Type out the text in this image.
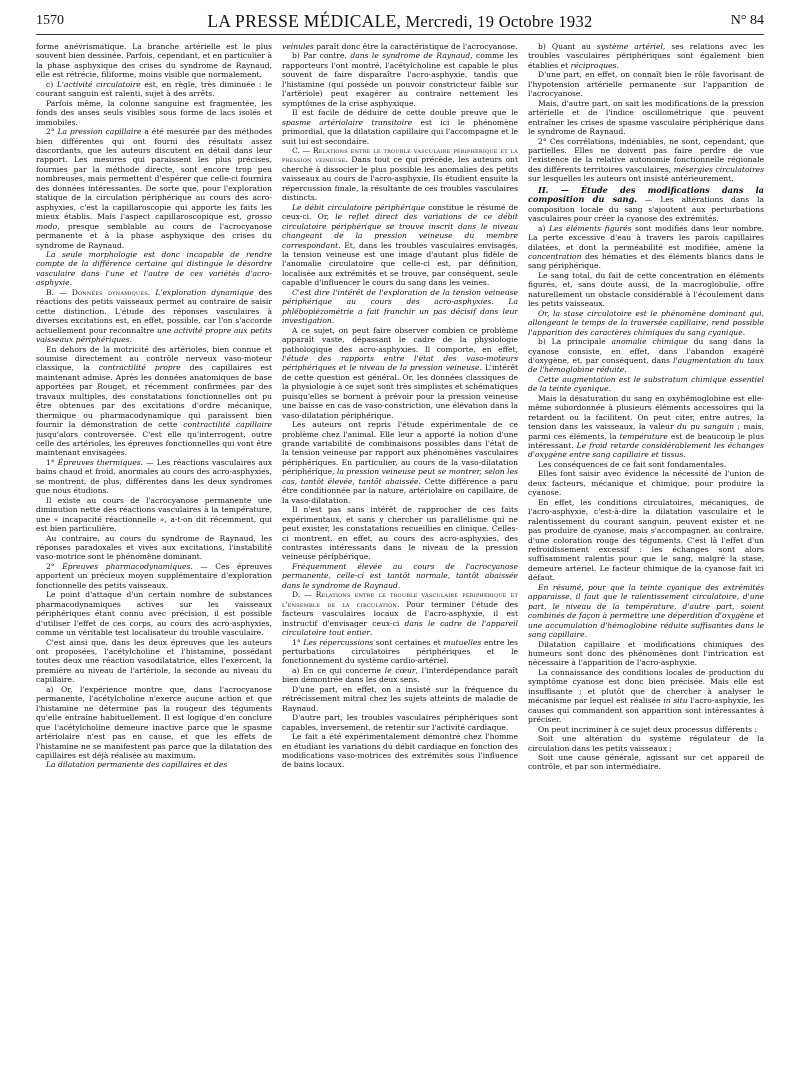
1570	LA PRESSE MÉDICALE, Mercredi, 19 Octobre 1932	N° 84

forme anévrismatique. La branche artérielle est le plus souvent bien dessinée. Parfois, cependant, et en particulier à la phase asphyxique des crises du syndrome de Raynaud, elle est rétrécie, filiforme, moins visible que normalement.

c) L'activité circulatoire est, en règle, très diminuée : le courant sanguin est ralenti, sujet à des arrêts.

Parfois même, la colonne sanguine est fragmentée, les fonds des anses seuls visibles sous forme de lacs isolés et immobiles.

2° La pression capillaire a été mesurée par des méthodes bien différentes qui ont fourni des résultats assez discordants, que les auteurs discutent en détail dans leur rapport. Les mesures qui paraissent les plus précises, fournies par la méthode directe, sont encore trop peu nombreuses, mais permettent d'espérer que celle-ci fournira des données intéressantes. De sorte que, pour l'exploration statique de la circulation périphérique au cours des acro-asphyxies, c'est la capillaroscopie qui apporte les faits les mieux établis. Mais l'aspect capillaroscopique est, grosso modo, presque semblable au cours de l'acrocyanose permanente et à la phase asphyxique des crises du syndrome de Raynaud.

La seule morphologie est donc incapable de rendre compte de la différence certaine qui distingue le désordre vasculaire dans l'une et l'autre de ces variétés d'acro-asphyxie.

B. — Données dynamiques. L'exploration dynamique des réactions des petits vaisseaux permet au contraire de saisir cette distinction. L'étude des réponses vasculaires à diverses excitations est, en effet, possible, car l'on s'accorde actuellement pour reconnaître une activité propre aux petits vaisseaux périphériques.

En dehors de la motricité des artérioles, bien connue et soumise directement au contrôle nerveux vaso-moteur classique, la contractilité propre des capillaires est maintenant admise. Après les données anatomiques de base apportées par Rouget, et récemment confirmées par des travaux multiples, des constatations fonctionnelles ont pu être obtenues par des excitations d'ordre mécanique, thermique ou pharmacodynamique qui paraissent bien fournir la démonstration de cette contractilité capillaire jusqu'alors controversée. C'est elle qu'interrogent, outre celle des artérioles, les épreuves fonctionnelles qui vont être maintenant envisagées.

1° Épreuves thermiques. — Les réactions vasculaires aux bains chaud et froid, anormales au cours des acro-asphyxies, se montrent, de plus, différentes dans les deux syndromes que nous étudions.

Il existe au cours de l'acrocyanose permanente une diminution nette des réactions vasculaires à la température, une « incapacité réactionnelle », a-t-on dit récemment, qui est bien particulière.

Au contraire, au cours du syndrome de Raynaud, les réponses paradoxales et vives aux excitations, l'instabilité vaso-motrice sont le phénomène dominant.

2° Épreuves pharmacodynamiques. — Ces épreuves apportent un précieux moyen supplémentaire d'exploration fonctionnelle des petits vaisseaux.

Le point d'attaque d'un certain nombre de substances pharmacodynamiques actives sur les vaisseaux périphériques étant connu avec précision, il est possible d'utiliser l'effet de ces corps, au cours des acro-asphyxies, comme un véritable test localisateur du trouble vasculaire.

C'est ainsi que, dans les deux épreuves que les auteurs ont proposées, l'acétylcholine et l'histamine, possédant toutes deux une réaction vasodilatatrice, elles l'exercent, la première au niveau de l'artériole, la seconde au niveau du capillaire.

a) Or, l'expérience montre que, dans l'acrocyanose permanente, l'acétylcholine n'exerce aucune action et que l'histamine ne détermine pas la rougeur des téguments qu'elle entraîne habituellement. Il est logique d'en conclure que l'acétylcholine demeure inactive parce que le spasme artériolaire n'est pas en cause, et que les effets de l'histamine ne se manifestent pas parce que la dilatation des capillaires est déjà réalisée au maximum.

La dilatation permanente des capillaires et des

veinules paraît donc être la caractéristique de l'acrocyanose.

b) Par contre, dans le syndrome de Raynaud, comme les rapporteurs l'ont montré, l'acétylcholine est capable le plus souvent de faire disparaître l'acro-asphyxie, tandis que l'histamine (qui possède un pouvoir constricteur faible sur l'artériole) peut exagérer au contraire nettement les symptômes de la crise asphyxique.

Il est facile de déduire de cette double preuve que le spasme artériolaire transitoire est ici le phénomène primordial, que la dilatation capillaire qui l'accompagne et le suit lui est secondaire.

C. — Relations entre le trouble vasculaire périphérique et la pression veineuse. Dans tout ce qui précède, les auteurs ont cherché à dissocier le plus possible les anomalies des petits vaisseaux au cours de l'acro-asphyxie. Ils étudient ensuite la répercussion finale, la résultante de ces troubles vasculaires distincts.

Le débit circulatoire périphérique constitue le résumé de ceux-ci. Or, le reflet direct des variations de ce débit circulatoire périphérique se trouve inscrit dans le niveau changeant de la pression veineuse du membre correspondant. Et, dans les troubles vasculaires envisagés, la tension veineuse est une image d'autant plus fidèle de l'anomalie circulatoire que celle-ci est, par définition, localisée aux extrémités et se trouve, par conséquent, seule capable d'influencer le cours du sang dans les veines.

C'est dire l'intérêt de l'exploration de la tension veineuse périphérique au cours des acro-asphyxies. La phlébopiézométrie a fait franchir un pas décisif dans leur investigation.

A ce sujet, on peut faire observer combien ce problème apparaît vaste, dépassant le cadre de la physiologie pathologique des acro-asphyxies. Il comporte, en effet, l'étude des rapports entre l'état des vaso-moteurs périphériques et le niveau de la pression veineuse. L'intérêt de cette question est général. Or, les données classiques de la physiologie à ce sujet sont très simplistes et schématiques puisqu'elles se bornent à prévoir pour la pression veineuse une baisse en cas de vaso-constriction, une élévation dans la vaso-dilatation périphérique.

Les auteurs ont repris l'étude expérimentale de ce problème chez l'animal. Elle leur a apporté la notion d'une grande variabilité de combinaisons possibles dans l'état de la tension veineuse par rapport aux phénomènes vasculaires périphériques. En particulier, au cours de la vaso-dilatation périphérique, la pression veineuse peut se montrer, selon les cas, tantôt élevée, tantôt abaissée. Cette différence a paru être conditionnée par la nature, artériolaire ou capillaire, de la vaso-dilatation.

Il n'est pas sans intérêt de rapprocher de ces faits expérimentaux, et sans y chercher un parallélisme qui ne peut exister, les constatations recueillies en clinique. Celles-ci montrent, en effet, au cours des acro-asphyxies, des contrastes intéressants dans le niveau de la pression veineuse périphérique.

Fréquemment élevée au cours de l'acrocyanose permanente, celle-ci est tantôt normale, tantôt abaissée dans le syndrome de Raynaud.

D. — Relations entre le trouble vasculaire périphérique et l'ensemble de la circulation. Pour terminer l'étude des facteurs vasculaires locaux de l'acro-asphyxie, il est instructif d'envisager ceux-ci dans le cadre de l'appareil circulatoire tout entier.

1° Les répercussions sont certaines et mutuelles entre les perturbations circulatoires périphériques et le fonctionnement du système cardio-artériel.

a) En ce qui concerne le cœur, l'interdépendance paraît bien démontrée dans les deux sens.

D'une part, en effet, on a insisté sur la fréquence du rétrécissement mitral chez les sujets atteints de maladie de Raynaud.

D'autre part, les troubles vasculaires périphériques sont capables, inversement, de retentir sur l'activité cardiaque.

Le fait a été expérimentalement démontré chez l'homme en étudiant les variations du débit cardiaque en fonction des modifications vaso-motrices des extrémités sous l'influence de bains locaux.

b) Quant au système artériel, ses relations avec les troubles vasculaires périphériques sont également bien établies et réciproques.

D'une part, en effet, on connaît bien le rôle favorisant de l'hypotension artérielle permanente sur l'apparition de l'acrocyanose.

Mais, d'autre part, on sait les modifications de la pression artérielle et de l'indice oscillométrique que peuvent entraîner les crises de spasme vasculaire périphérique dans le syndrome de Raynaud.

2° Ces corrélations, indéniables, ne sont, cependant, que partielles. Elles ne doivent pas faire perdre de vue l'existence de la relative autonomie fonctionnelle régionale des différents territoires vasculaires, mésergies circulatoires sur lesquelles les auteurs ont insisté antérieurement.

II. — Étude des modifications dans la composition du sang. — Les altérations dans la composition locale du sang s'ajoutent aux perturbations vasculaires pour créer la cyanose des extrémités.

a) Les éléments figurés sont modifiés dans leur nombre. La perte excessive d'eau à travers les parois capillaires dilatées, et dont la perméabilité est modifiée, amène la concentration des hématies et des éléments blancs dans le sang périphérique.

Le sang total, du fait de cette concentration en éléments figurés, et, sans doute aussi, de la macroglobulie, offre naturellement un obstacle considérable à l'écoulement dans les petits vaisseaux.

Or, la stase circulatoire est le phénomène dominant qui, allongeant le temps de la traversée capillaire, rend possible l'apparition des caractères chimiques du sang cyanique.

b) La principale anomalie chimique du sang dans la cyanose consiste, en effet, dans l'abandon exagéré d'oxygène, et, par conséquent, dans l'augmentation du taux de l'hémoglobine réduite.

Cette augmentation est le substratum chimique essentiel de la teinte cyanique.

Mais la désaturation du sang en oxyhémoglobine est elle-même subordonnée à plusieurs éléments accessoires qui la retardent ou la facilitent. On peut citer, entre autres, la tension dans les vaisseaux, la valeur du pu sanguin ; mais, parmi ces éléments, la température est de beaucoup le plus intéressant. Le froid retarde considérablement les échanges d'oxygène entre sang capillaire et tissus.

Les conséquences de ce fait sont fondamentales.

Elles font saisir avec évidence la nécessité de l'union de deux facteurs, mécanique et chimique, pour produire la cyanose.

En effet, les conditions circulatoires, mécaniques, de l'acro-asphyxie, c'est-à-dire la dilatation vasculaire et le ralentissement du courant sanguin, peuvent exister et ne pas produire de cyanose, mais s'accompagner, au contraire, d'une coloration rouge des téguments. C'est là l'effet d'un refroidissement excessif : les échanges sont alors suffisamment ralentis pour que le sang, malgré la stase, demeure artériel. Le facteur chimique de la cyanose fait ici défaut.

En résumé, pour que la teinte cyanique des extrémités apparaisse, il faut que le ralentissement circulatoire, d'une part, le niveau de la température, d'autre part, soient combinés de façon à permettre une déperdition d'oxygène et une accumulation d'hémoglobine réduite suffisantes dans le sang capillaire.

Dilatation capillaire et modifications chimiques des humeurs sont donc des phénomènes dont l'intrication est nécessaire à l'apparition de l'acro-asphyxie.

La connaissance des conditions locales de production du symptôme cyanose est donc bien précisée. Mais elle est insuffisante ; et plutôt que de chercher à analyser le mécanisme par lequel est réalisée in situ l'acro-asphyxie, les causes qui commandent son apparition sont intéressantes à préciser.

On peut incriminer à ce sujet deux processus différents :

Soit une altération du système régulateur de la circulation dans les petits vaisseaux ;

Soit une cause générale, agissant sur cet appareil de contrôle, et par son intermédiaire.
